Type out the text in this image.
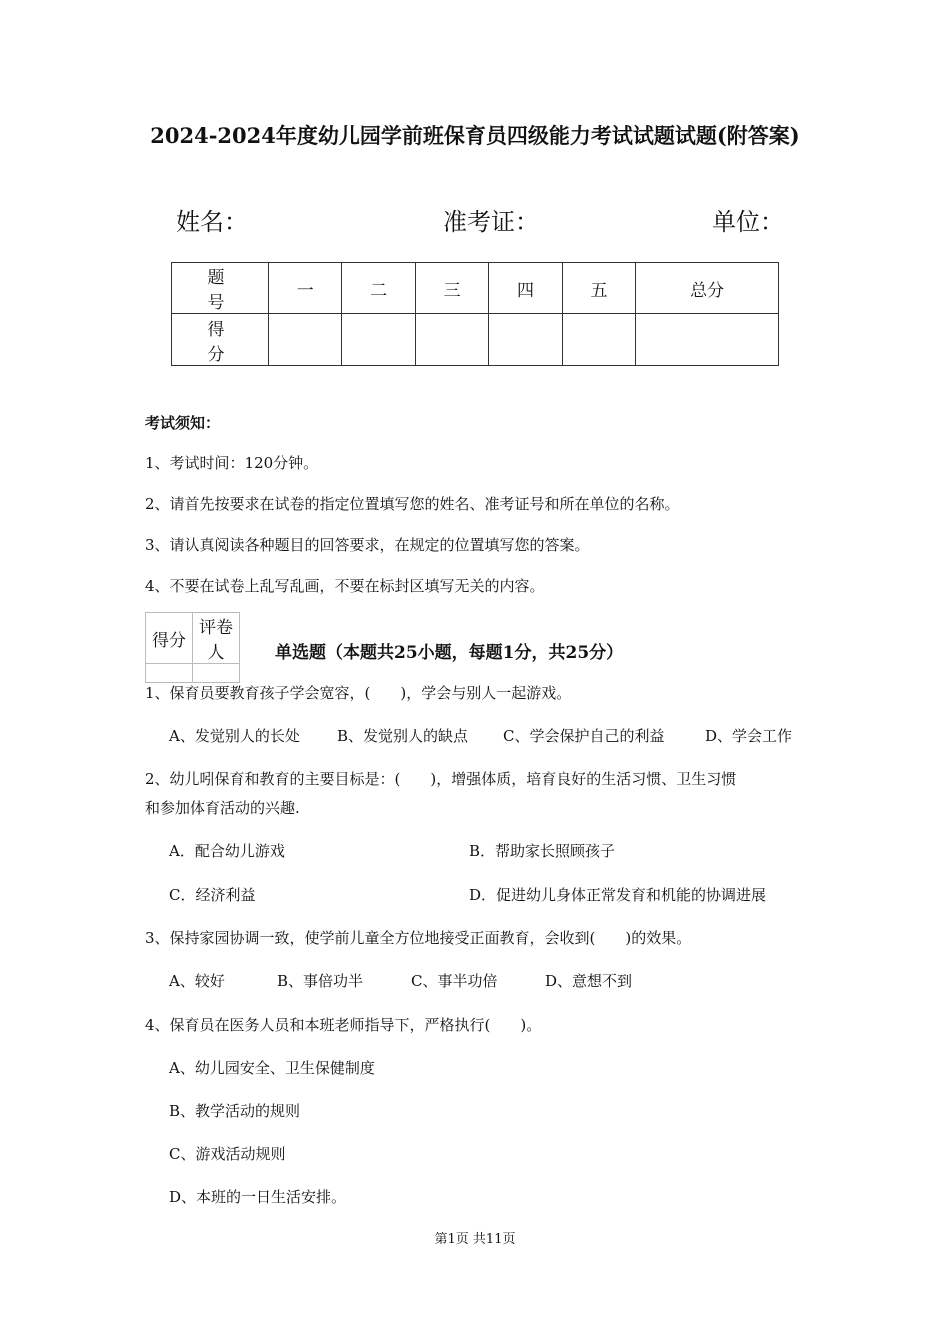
2024-2024年度幼儿园学前班保育员四级能力考试试题试题(附答案)
姓名：	准考证：	单位：
题 号	一	二	三	四	五	总分
得 分						
考试须知：
1、考试时间：120分钟。
2、请首先按要求在试卷的指定位置填写您的姓名、准考证号和所在单位的名称。
3、请认真阅读各种题目的回答要求，在规定的位置填写您的答案。
4、不要在试卷上乱写乱画，不要在标封区填写无关的内容。
得分	评卷人
		单选题（本题共25小题，每题1分，共25分）
1、保育员要教育孩子学会宽容，(　　)，学会与别人一起游戏。
A、发觉别人的长处 B、发觉别人的缺点 C、学会保护自己的利益	D、学会工作
2、幼儿吲保育和教育的主要目标是：(　　)，增强体质，培育良好的生活习惯、卫生习惯
和参加体育活动的兴趣.
A．配合幼儿游戏	B．帮助家长照顾孩子
C．经济利益	D．促进幼儿身体正常发育和机能的协调进展
3、保持家园协调一致，使学前儿童全方位地接受正面教育，会收到(　　)的效果。
A、较好	B、事倍功半	C、事半功倍	D、意想不到
4、保育员在医务人员和本班老师指导下，严格执行(　　)。
A、幼儿园安全、卫生保健制度
B、教学活动的规则
C、游戏活动规则
D、本班的一日生活安排。
第1页 共11页
